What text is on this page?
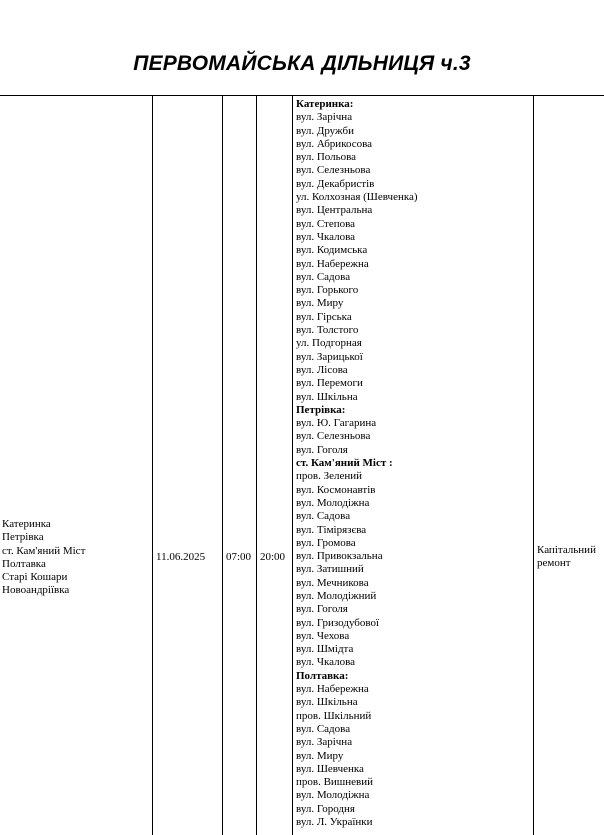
ПЕРВОМАЙСЬКА ДІЛЬНИЦЯ ч.3
Катеринка
Петрівка
ст. Кам'яний Міст
Полтавка
Старі Кошари
Новоандріївка
11.06.2025 07:00 20:00
Катеринка:
вул. Зарічна
вул. Дружби
вул. Абрикосова
вул. Польова
вул. Селезньова
вул. Декабристів
ул. Колхозная (Шевченка)
вул. Центральна
вул. Степова
вул. Чкалова
вул. Кодимська
вул. Набережна
вул. Садова
вул. Горького
вул. Миру
вул. Гірська
вул. Толстого
ул. Подгорная
вул. Зарицької
вул. Лісова
вул. Перемоги
вул. Шкільна
Петрівка:
вул. Ю. Гагарина
вул. Селезньова
вул. Гоголя
ст. Кам'яний Міст :
пров. Зелений
вул. Космонавтів
вул. Молодіжна
вул. Садова
вул. Тімірязєва
вул. Громова
вул. Привокзальна
вул. Затишний
вул. Мечникова
вул. Молодіжний
вул. Гоголя
вул. Гризодубової
вул. Чехова
вул. Шмідта
вул. Чкалова
Полтавка:
вул. Набережна
вул. Шкільна
пров. Шкільний
вул. Садова
вул. Зарічна
вул. Миру
вул. Шевченка
пров. Вишневий
вул. Молодіжна
вул. Городня
вул. Л. Українки
Капітальний
ремонт
